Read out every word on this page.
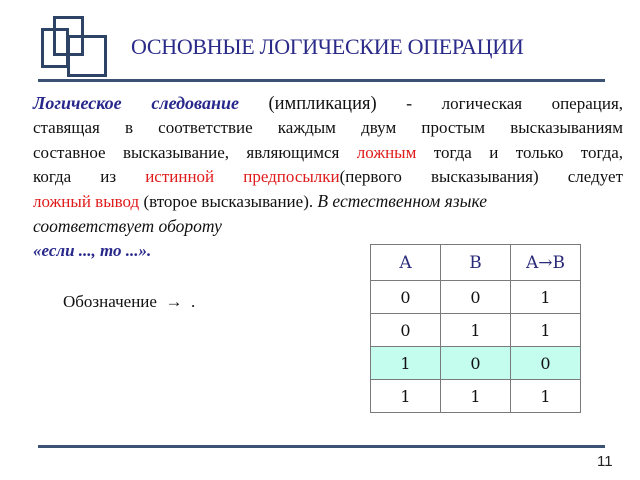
ОСНОВНЫЕ ЛОГИЧЕСКИЕ ОПЕРАЦИИ
Логическое следование (импликация) - логическая операция,
ставящая в соответствие каждым двум простым высказываниям
составное высказывание, являющимся ложным тогда и только тогда,
когда из истинной предпосылки(первого высказывания) следует
ложный вывод (второе высказывание). В естественном языке
соответствует обороту
«если ..., то ...».
Обозначение → .
A	B	A→B
0	0	1
0	1	1
1	0	0
1	1	1
11
